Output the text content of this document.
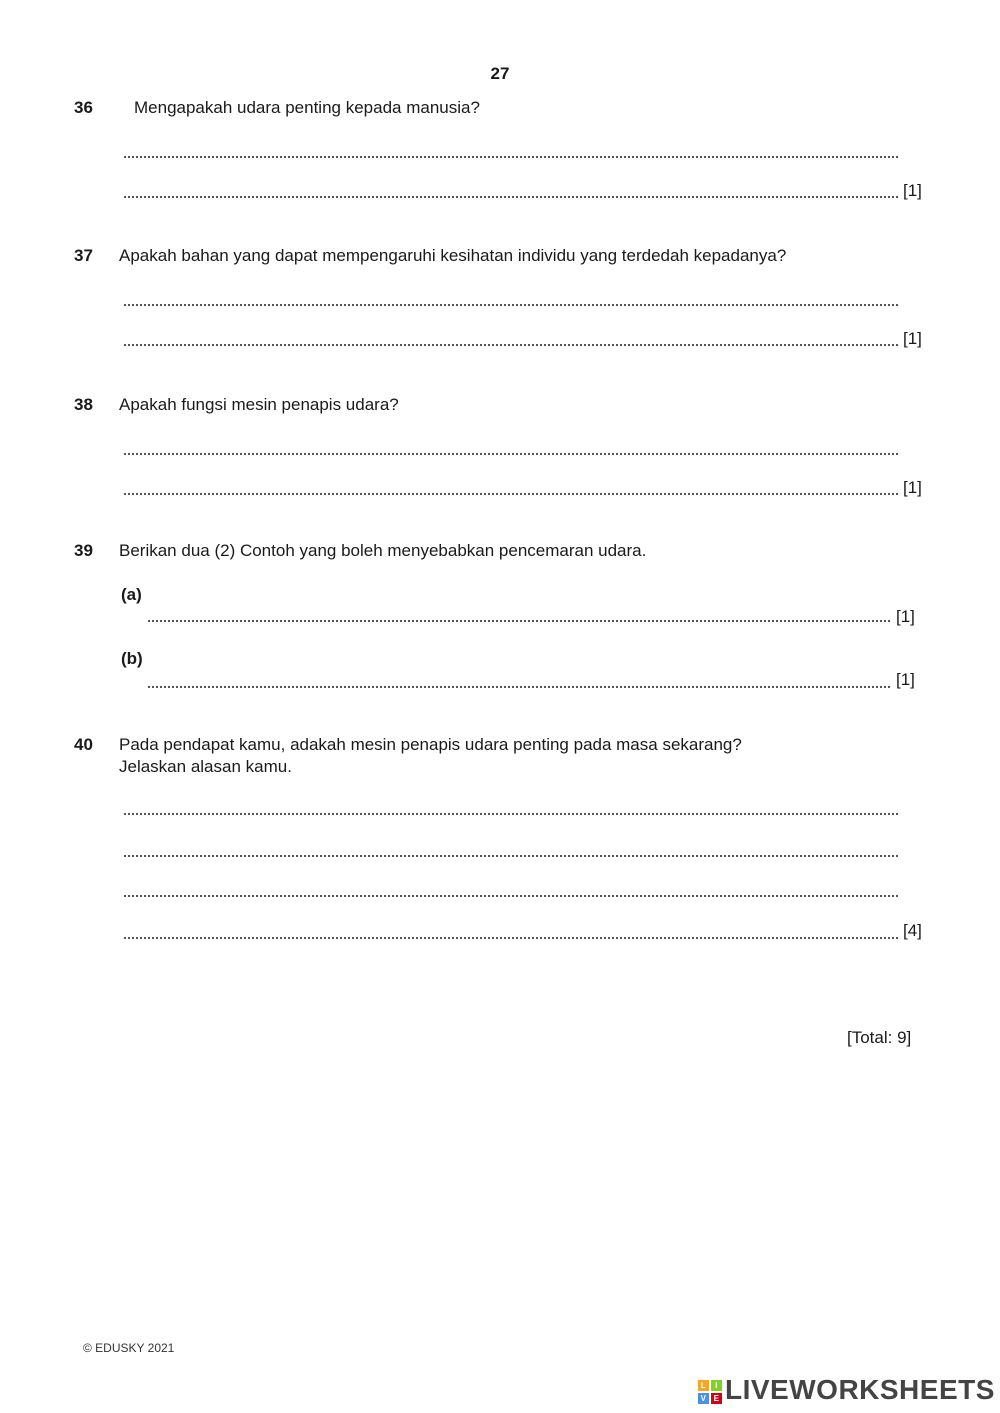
27
36 Mengapakah udara penting kepada manusia?
[1]
37 Apakah bahan yang dapat mempengaruhi kesihatan individu yang terdedah kepadanya?
[1]
38 Apakah fungsi mesin penapis udara?
[1]
39 Berikan dua (2) Contoh yang boleh menyebabkan pencemaran udara.
(a)
[1]
(b)
[1]
40 Pada pendapat kamu, adakah mesin penapis udara penting pada masa sekarang?
Jelaskan alasan kamu.
[4]
[Total: 9]
© EDUSKY 2021
L	I
V E LIVEWORKSHEETS
